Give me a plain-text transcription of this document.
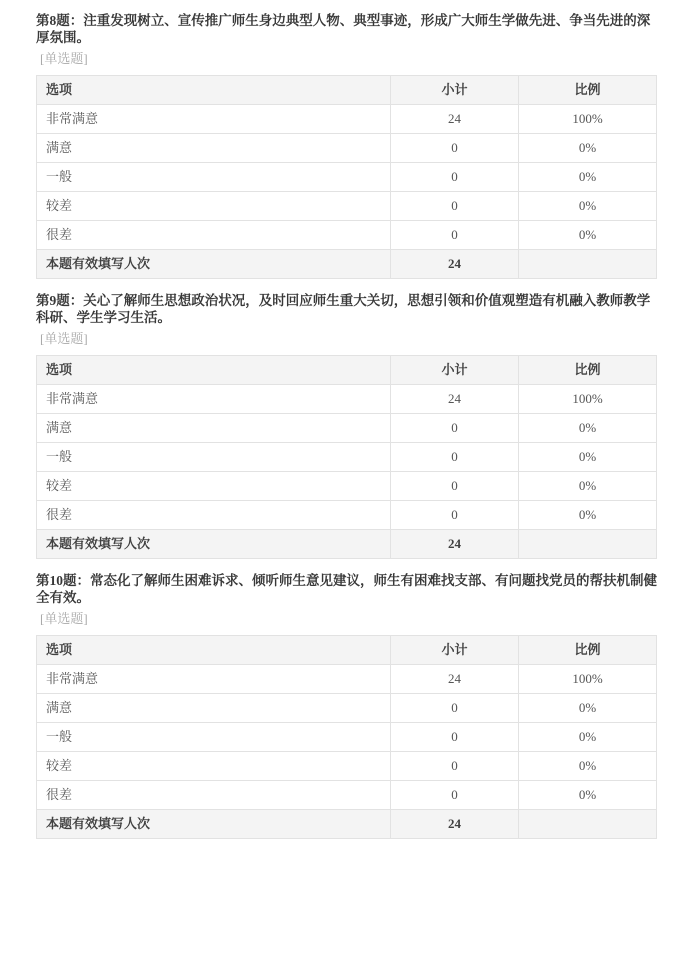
第8题：注重发现树立、宣传推广师生身边典型人物、典型事迹，形成广大师生学做先进、争当先进的深厚氛围。
[单选题]
选项	小计	比例
非常满意	24	100%
满意	0	0%
一般	0	0%
较差	0	0%
很差	0	0%
本题有效填写人次	24	
第9题：关心了解师生思想政治状况，及时回应师生重大关切，思想引领和价值观塑造有机融入教师教学科研、学生学习生活。
[单选题]
选项	小计	比例
非常满意	24	100%
满意	0	0%
一般	0	0%
较差	0	0%
很差	0	0%
本题有效填写人次	24	
第10题：常态化了解师生困难诉求、倾听师生意见建议，师生有困难找支部、有问题找党员的帮扶机制健全有效。
[单选题]
选项	小计	比例
非常满意	24	100%
满意	0	0%
一般	0	0%
较差	0	0%
很差	0	0%
本题有效填写人次	24	
